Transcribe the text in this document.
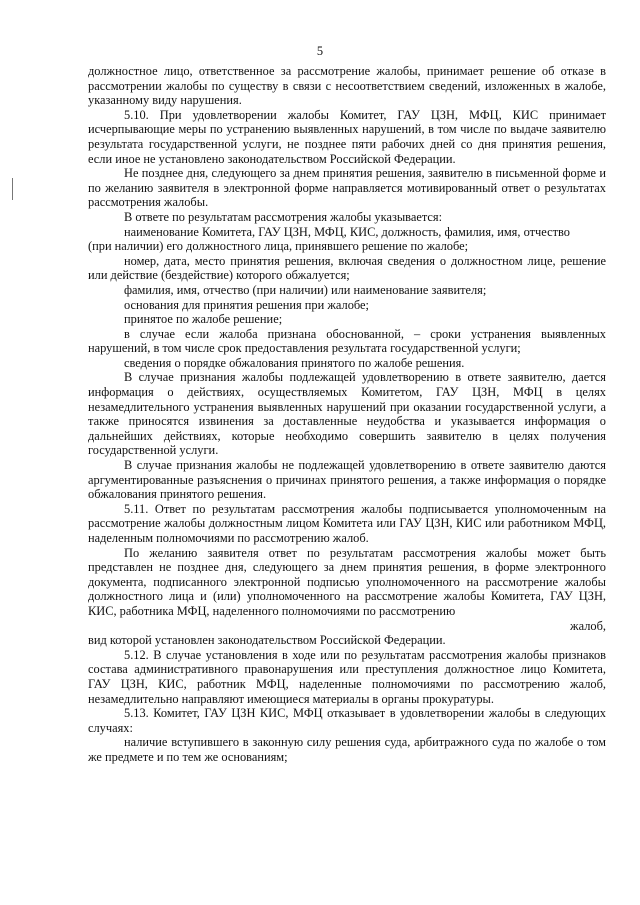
5

должностное лицо, ответственное за рассмотрение жалобы, принимает решение об отказе в рассмотрении жалобы по существу в связи с несоответствием сведений, изложенных в жалобе, указанному виду нарушения.

5.10. При удовлетворении жалобы Комитет, ГАУ ЦЗН, МФЦ, КИС принимает исчерпывающие меры по устранению выявленных нарушений, в том числе по выдаче заявителю результата государственной услуги, не позднее пяти рабочих дней со дня принятия решения, если иное не установлено законодательством Российской Федерации.

Не позднее дня, следующего за днем принятия решения, заявителю в письменной форме и по желанию заявителя в электронной форме направляется мотивированный ответ о результатах рассмотрения жалобы.

В ответе по результатам рассмотрения жалобы указывается:

наименование Комитета, ГАУ ЦЗН, МФЦ, КИС, должность, фамилия, имя, отчество

(при наличии) его должностного лица, принявшего решение по жалобе;

номер, дата, место принятия решения, включая сведения о должностном лице, решение или действие (бездействие) которого обжалуется;

фамилия, имя, отчество (при наличии) или наименование заявителя;

основания для принятия решения при жалобе;

принятое по жалобе решение;

в случае если жалоба признана обоснованной, – сроки устранения выявленных нарушений, в том числе срок предоставления результата государственной услуги;

сведения о порядке обжалования принятого по жалобе решения.

В случае признания жалобы подлежащей удовлетворению в ответе заявителю, дается информация о действиях, осуществляемых Комитетом, ГАУ ЦЗН, МФЦ в целях незамедлительного устранения выявленных нарушений при оказании государственной услуги, а также приносятся извинения за доставленные неудобства и указывается информация о дальнейших действиях, которые необходимо совершить заявителю в целях получения государственной услуги.

В случае признания жалобы не подлежащей удовлетворению в ответе заявителю даются аргументированные разъяснения о причинах принятого решения, а также информация о порядке обжалования принятого решения.

5.11. Ответ по результатам рассмотрения жалобы подписывается уполномоченным на рассмотрение жалобы должностным лицом Комитета или ГАУ ЦЗН, КИС или работником МФЦ, наделенным полномочиями по рассмотрению жалоб.

По желанию заявителя ответ по результатам рассмотрения жалобы может быть представлен не позднее дня, следующего за днем принятия решения, в форме электронного документа, подписанного электронной подписью уполномоченного на рассмотрение жалобы должностного лица и (или) уполномоченного на рассмотрение жалобы Комитета, ГАУ ЦЗН, КИС, работника МФЦ, наделенного полномочиями по рассмотрению

жалоб,

вид которой установлен законодательством Российской Федерации.

5.12. В случае установления в ходе или по результатам рассмотрения жалобы признаков состава административного правонарушения или преступления должностное лицо Комитета, ГАУ ЦЗН, КИС, работник МФЦ, наделенные полномочиями по рассмотрению жалоб, незамедлительно направляют имеющиеся материалы в органы прокуратуры.

5.13. Комитет, ГАУ ЦЗН КИС, МФЦ отказывает в удовлетворении жалобы в следующих случаях:

наличие вступившего в законную силу решения суда, арбитражного суда по жалобе о том же предмете и по тем же основаниям;
